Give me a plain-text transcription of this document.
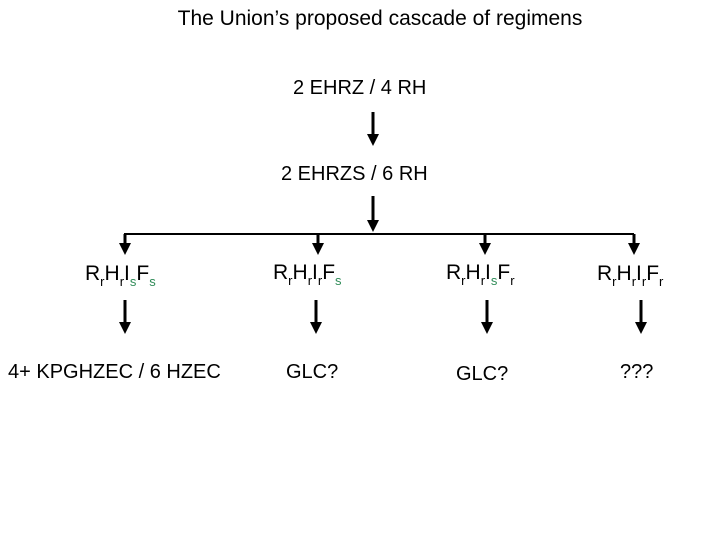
The Union’s proposed cascade of regimens
2 EHRZ / 4 RH
2 EHRZS / 6 RH
$R_rH_rI_sF_s$	$R_rH_rI_rF_s$	$R_rH_rI_sF_r$	$R_rH_rI_rF_r$
4+ KPGHZEC / 6 HZEC	GLC?	GLC?	???
